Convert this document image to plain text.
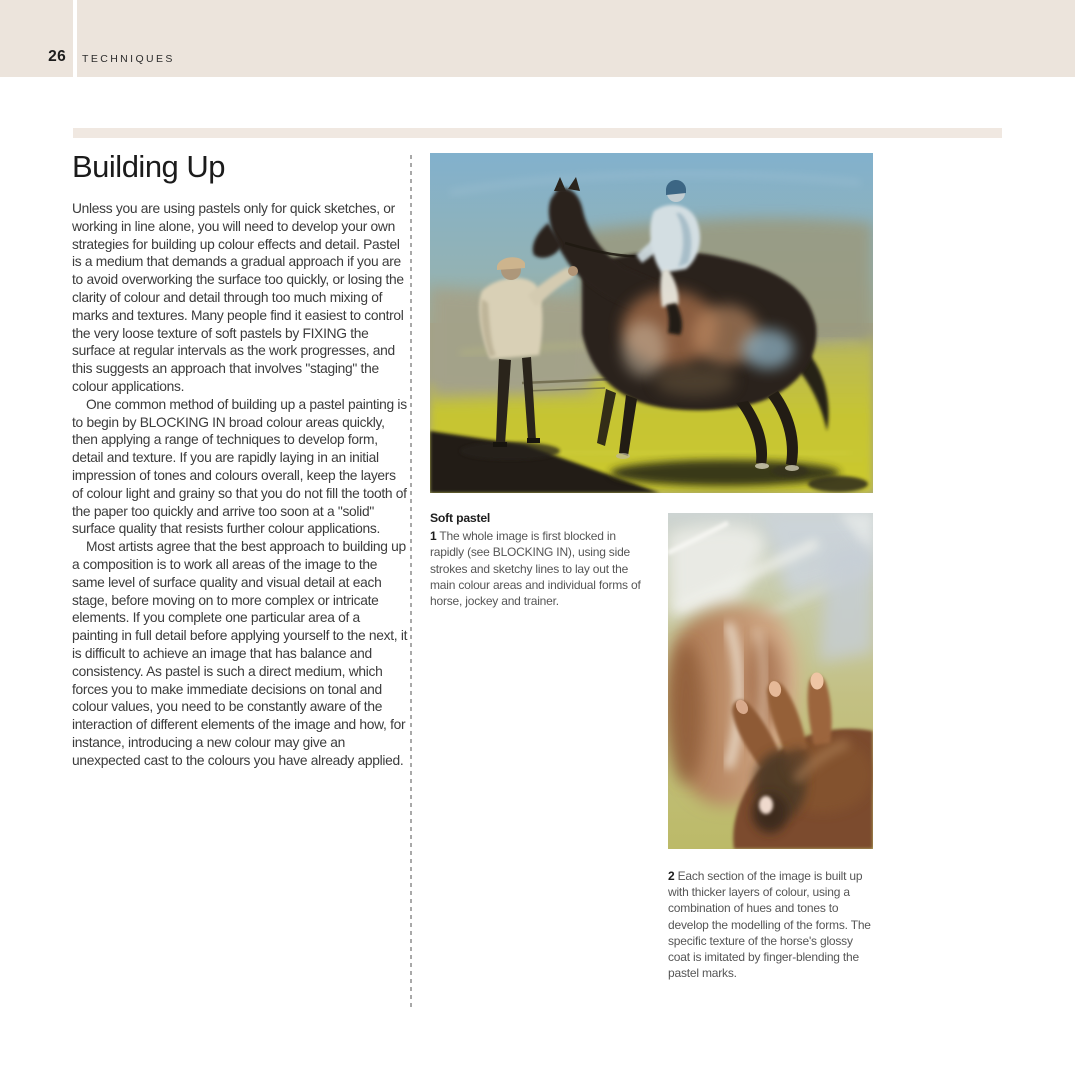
26 TECHNIQUES
Building Up

Unless you are using pastels only for quick sketches, or working in line alone, you will need to develop your own strategies for building up colour effects and detail. Pastel is a medium that demands a gradual approach if you are to avoid overworking the surface too quickly, or losing the clarity of colour and detail through too much mixing of marks and textures. Many people find it easiest to control the very loose texture of soft pastels by FIXING the surface at regular intervals as the work progresses, and this suggests an approach that involves "staging" the colour applications.

One common method of building up a pastel painting is to begin by BLOCKING IN broad colour areas quickly, then applying a range of techniques to develop form, detail and texture. If you are rapidly laying in an initial impression of tones and colours overall, keep the layers of colour light and grainy so that you do not fill the tooth of the paper too quickly and arrive too soon at a "solid" surface quality that resists further colour applications.

Most artists agree that the best approach to building up a composition is to work all areas of the image to the same level of surface quality and visual detail at each stage, before moving on to more complex or intricate elements. If you complete one particular area of a painting in full detail before applying yourself to the next, it is difficult to achieve an image that has balance and consistency. As pastel is such a direct medium, which forces you to make immediate decisions on tonal and colour values, you need to be constantly aware of the interaction of different elements of the image and how, for instance, introducing a new colour may give an unexpected cast to the colours you have already applied.

Soft pastel

1 The whole image is first blocked in rapidly (see BLOCKING IN), using side strokes and sketchy lines to lay out the main colour areas and individual forms of horse, jockey and trainer.

2 Each section of the image is built up with thicker layers of colour, using a combination of hues and tones to develop the modelling of the forms. The specific texture of the horse's glossy coat is imitated by finger-blending the pastel marks.
